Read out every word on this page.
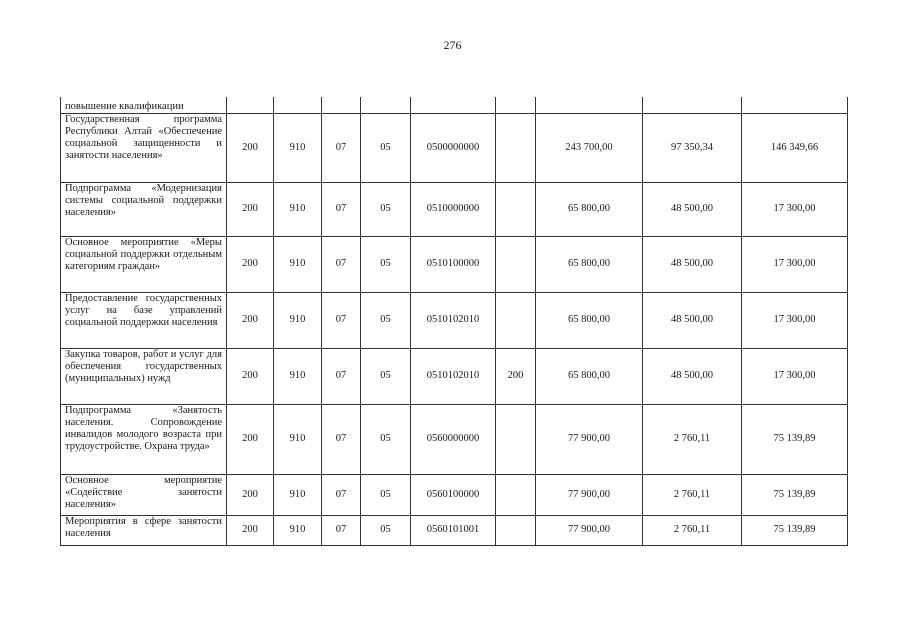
276
повышение квалификации									
Государственная программа Республики Алтай «Обеспечение социальной защищенности и занятости населения»	200	910	07	05	0500000000		243 700,00	97 350,34	146 349,66
Подпрограмма «Модернизация системы социальной поддержки населения»	200	910	07	05	0510000000		65 800,00	48 500,00	17 300,00
Основное мероприятие «Меры социальной поддержки отдельным категориям граждан»	200	910	07	05	0510100000		65 800,00	48 500,00	17 300,00
Предоставление государственных услуг на базе управлений социальной поддержки населения	200	910	07	05	0510102010		65 800,00	48 500,00	17 300,00
Закупка товаров, работ и услуг для обеспечения государственных (муниципальных) нужд	200	910	07	05	0510102010	200	65 800,00	48 500,00	17 300,00
Подпрограмма «Занятость населения. Сопровождение инвалидов молодого возраста при трудоустройстве. Охрана труда»	200	910	07	05	0560000000		77 900,00	2 760,11	75 139,89
Основное мероприятие «Содействие занятости населения»	200	910	07	05	0560100000		77 900,00	2 760,11	75 139,89
Мероприятия в сфере занятости населения	200	910	07	05	0560101001		77 900,00	2 760,11	75 139,89
